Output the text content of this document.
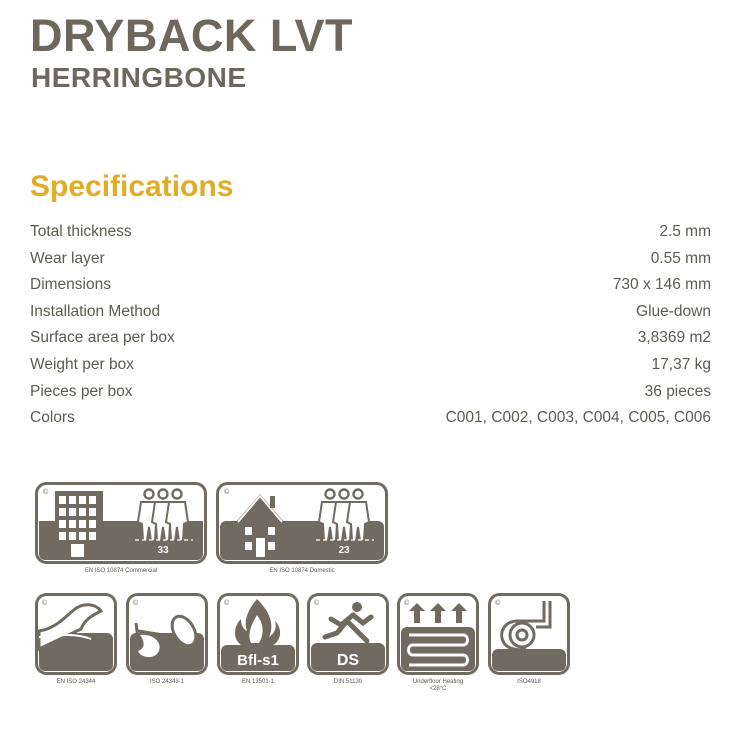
DRYBACK LVT
HERRINGBONE
Specifications
Total thickness	2.5 mm
Wear layer	0.55 mm
Dimensions	730 x 146 mm
Installation Method	Glue-down
Surface area per box	3,8369 m2
Weight per box	17,37 kg
Pieces per box	36 pieces
Colors	C001, C002, C003, C004, C005, C006
©
33
EN ISO 10874 Commercial
©
23
EN ISO 10874 Domestic
©
EN ISO 24344
©
ISO 24343-1
©
Bfl-s1
EN 13501-1
©
DS
DIN 51130
©
Underfloor Heating
<28°C
©
ISO4918
